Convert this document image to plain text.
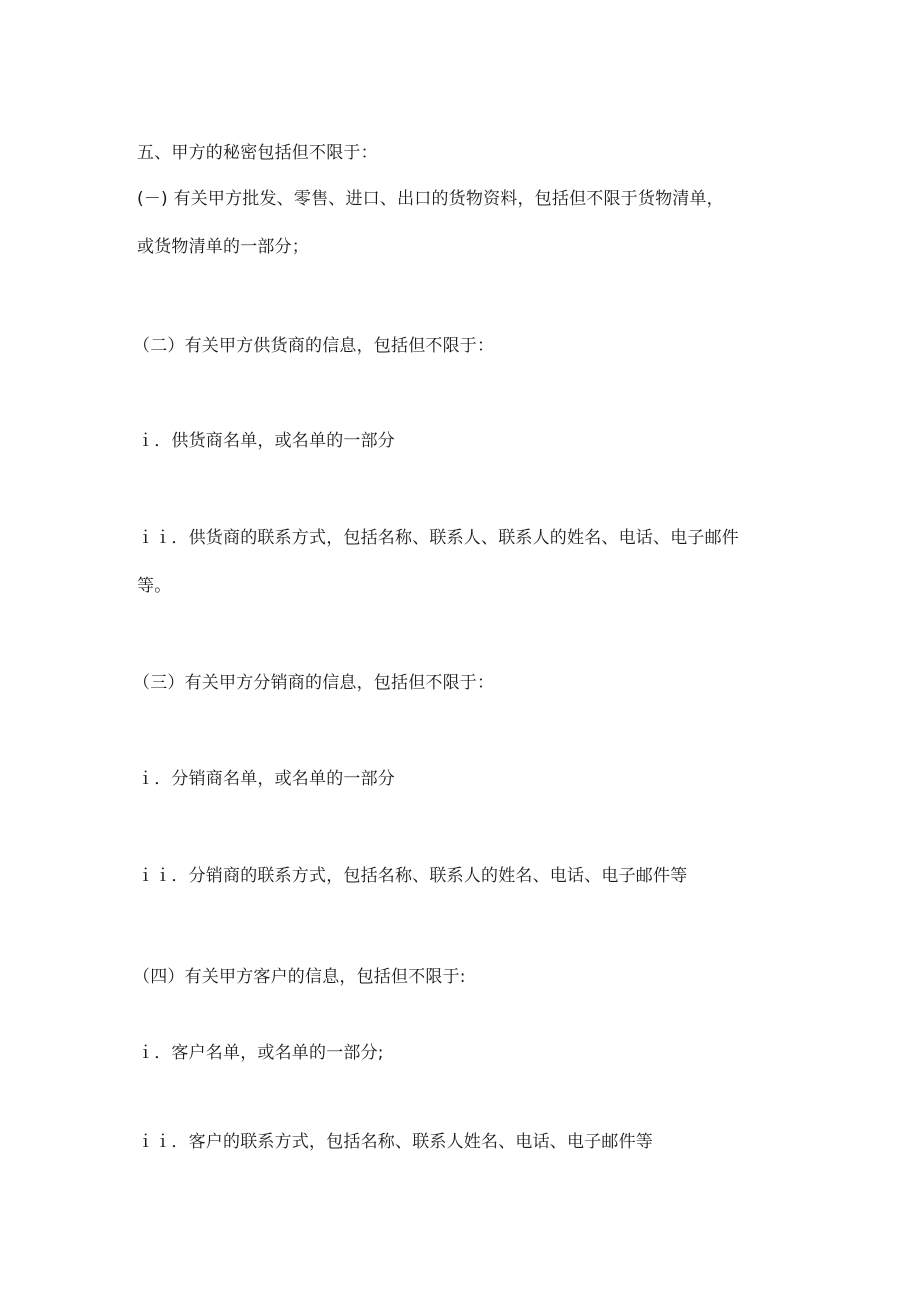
五、甲方的秘密包括但不限于：
(－) 有关甲方批发、零售、进口、出口的货物资料，包括但不限于货物清单，
或货物清单的一部分；
（二）有关甲方供货商的信息，包括但不限于：
ｉ．供货商名单，或名单的一部分
ｉｉ．供货商的联系方式，包括名称、联系人、联系人的姓名、电话、电子邮件
等。
（三）有关甲方分销商的信息，包括但不限于：
ｉ．分销商名单，或名单的一部分
ｉｉ．分销商的联系方式，包括名称、联系人的姓名、电话、电子邮件等
（四）有关甲方客户的信息，包括但不限于:
ｉ．客户名单，或名单的一部分;
ｉｉ．客户的联系方式，包括名称、联系人姓名、电话、电子邮件等
